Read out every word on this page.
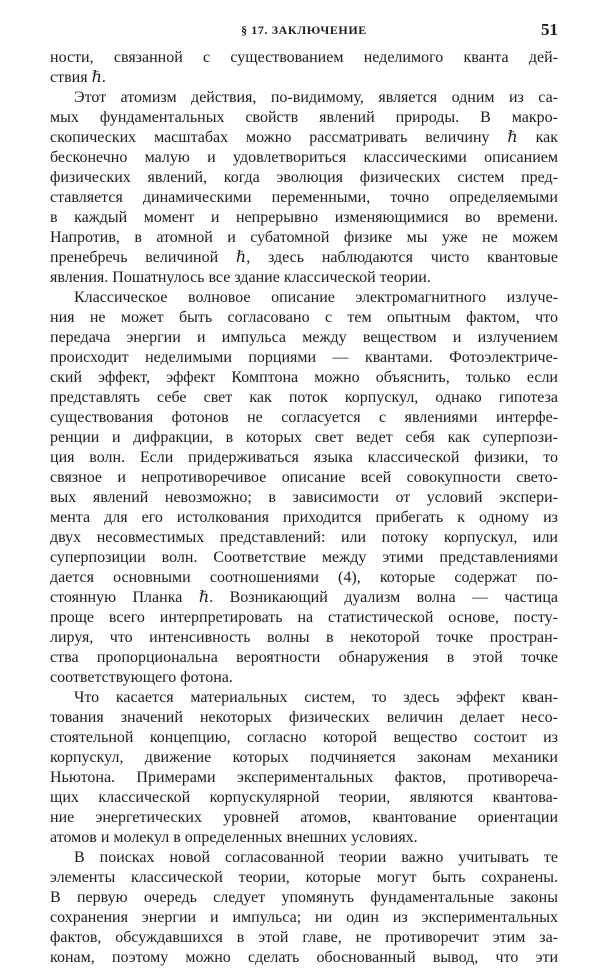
§ 17. ЗАКЛЮЧЕНИЕ	51
ности, связанной с существованием неделимого кванта дей-
ствия ℏ.
Этот атомизм действия, по-видимому, является одним из са-
мых фундаментальных свойств явлений природы. В макро-
скопических масштабах можно рассматривать величину ℏ как
бесконечно малую и удовлетвориться классическими описанием
физических явлений, когда эволюция физических систем пред-
ставляется динамическими переменными, точно определяемыми
в каждый момент и непрерывно изменяющимися во времени.
Напротив, в атомной и субатомной физике мы уже не можем
пренебречь величиной ℏ, здесь наблюдаются чисто квантовые
явления. Пошатнулось все здание классической теории.
Классическое волновое описание электромагнитного излуче-
ния не может быть согласовано с тем опытным фактом, что
передача энергии и импульса между веществом и излучением
происходит неделимыми порциями — квантами. Фотоэлектриче-
ский эффект, эффект Комптона можно объяснить, только если
представлять себе свет как поток корпускул, однако гипотеза
существования фотонов не согласуется с явлениями интерфе-
ренции и дифракции, в которых свет ведет себя как суперпози-
ция волн. Если придерживаться языка классической физики, то
связное и непротиворечивое описание всей совокупности свето-
вых явлений невозможно; в зависимости от условий экспери-
мента для его истолкования приходится прибегать к одному из
двух несовместимых представлений: или потоку корпускул, или
суперпозиции волн. Соответствие между этими представлениями
дается основными соотношениями (4), которые содержат по-
стоянную Планка ℏ. Возникающий дуализм волна — частица
проще всего интерпретировать на статистической основе, посту-
лируя, что интенсивность волны в некоторой точке простран-
ства пропорциональна вероятности обнаружения в этой точке
соответствующего фотона.
Что касается материальных систем, то здесь эффект кван-
тования значений некоторых физических величин делает несо-
стоятельной концепцию, согласно которой вещество состоит из
корпускул, движение которых подчиняется законам механики
Ньютона. Примерами экспериментальных фактов, противореча-
щих классической корпускулярной теории, являются квантова-
ние энергетических уровней атомов, квантование ориентации
атомов и молекул в определенных внешних условиях.
В поисках новой согласованной теории важно учитывать те
элементы классической теории, которые могут быть сохранены.
В первую очередь следует упомянуть фундаментальные законы
сохранения энергии и импульса; ни один из экспериментальных
фактов, обсуждавшихся в этой главе, не противоречит этим за-
конам, поэтому можно сделать обоснованный вывод, что эти
